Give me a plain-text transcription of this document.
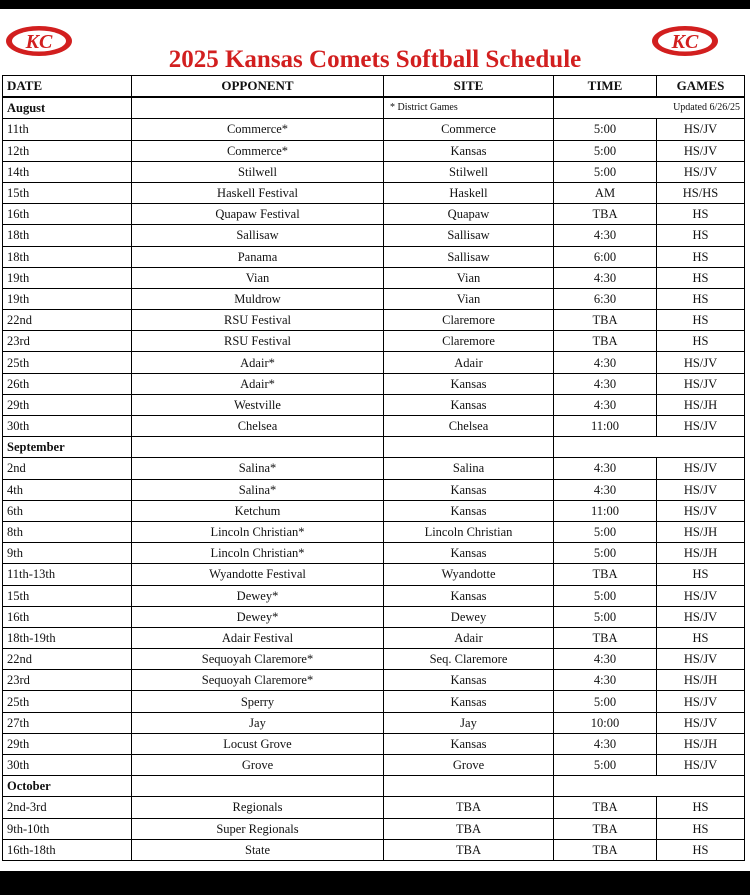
KC	KC
2025 Kansas Comets Softball Schedule
DATE	OPPONENT	SITE	TIME	GAMES
August		* District Games	Updated 6/26/25	
11th	Commerce*	Commerce	5:00	HS/JV
12th	Commerce*	Kansas	5:00	HS/JV
14th	Stilwell	Stilwell	5:00	HS/JV
15th	Haskell Festival	Haskell	AM	HS/HS
16th	Quapaw Festival	Quapaw	TBA	HS
18th	Sallisaw	Sallisaw	4:30	HS
18th	Panama	Sallisaw	6:00	HS
19th	Vian	Vian	4:30	HS
19th	Muldrow	Vian	6:30	HS
22nd	RSU Festival	Claremore	TBA	HS
23rd	RSU Festival	Claremore	TBA	HS
25th	Adair*	Adair	4:30	HS/JV
26th	Adair*	Kansas	4:30	HS/JV
29th	Westville	Kansas	4:30	HS/JH
30th	Chelsea	Chelsea	11:00	HS/JV
September				
2nd	Salina*	Salina	4:30	HS/JV
4th	Salina*	Kansas	4:30	HS/JV
6th	Ketchum	Kansas	11:00	HS/JV
8th	Lincoln Christian*	Lincoln Christian	5:00	HS/JH
9th	Lincoln Christian*	Kansas	5:00	HS/JH
11th-13th	Wyandotte Festival	Wyandotte	TBA	HS
15th	Dewey*	Kansas	5:00	HS/JV
16th	Dewey*	Dewey	5:00	HS/JV
18th-19th	Adair Festival	Adair	TBA	HS
22nd	Sequoyah Claremore*	Seq. Claremore	4:30	HS/JV
23rd	Sequoyah Claremore*	Kansas	4:30	HS/JH
25th	Sperry	Kansas	5:00	HS/JV
27th	Jay	Jay	10:00	HS/JV
29th	Locust Grove	Kansas	4:30	HS/JH
30th	Grove	Grove	5:00	HS/JV
October				
2nd-3rd	Regionals	TBA	TBA	HS
9th-10th	Super Regionals	TBA	TBA	HS
16th-18th	State	TBA	TBA	HS
